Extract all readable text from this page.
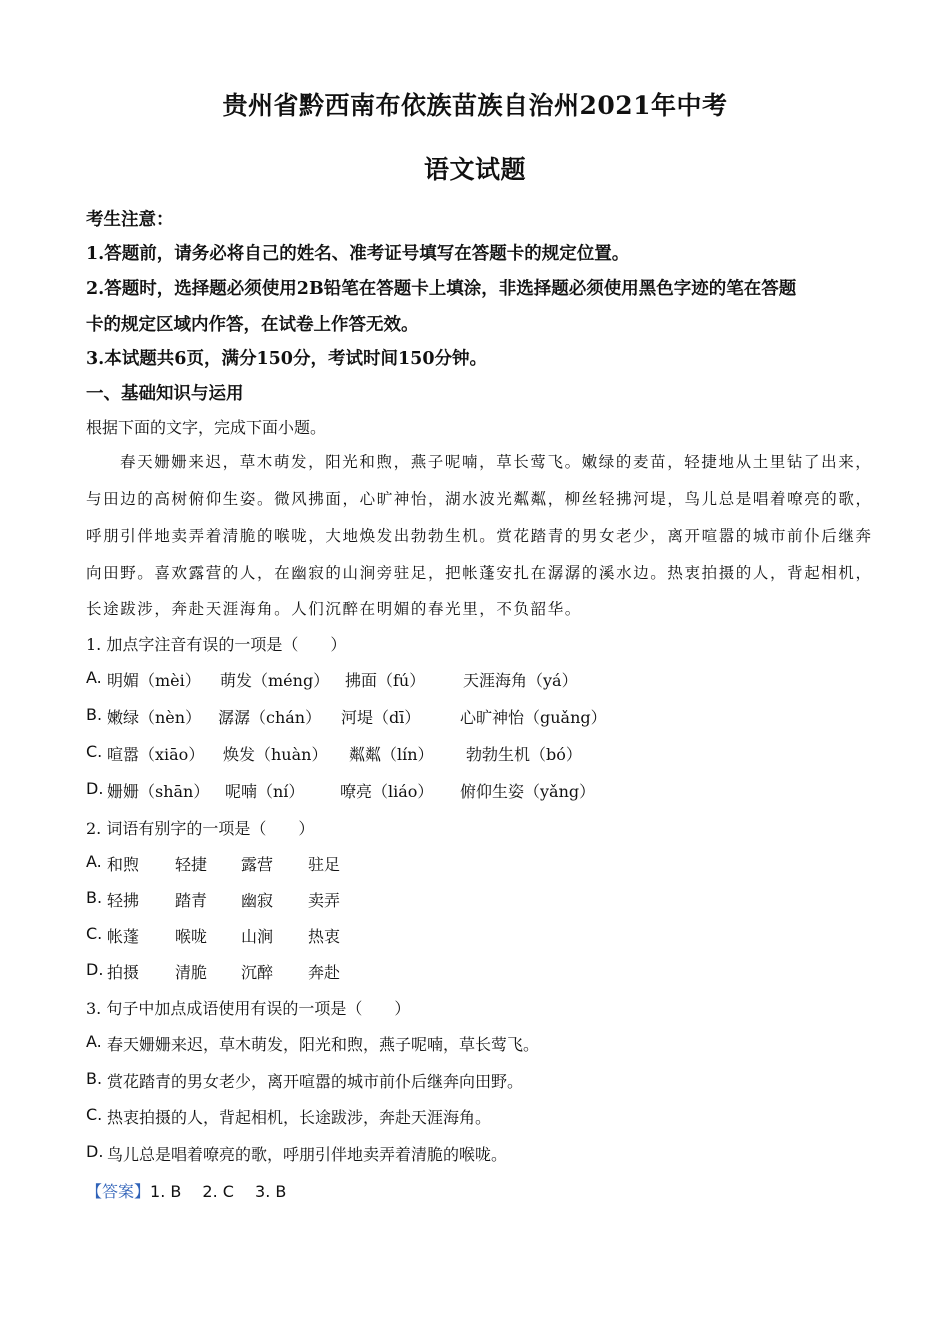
贵州省黔西南布依族苗族自治州2021年中考
语文试题
考生注意：
1.答题前，请务必将自己的姓名、准考证号填写在答题卡的规定位置。
2.答题时，选择题必须使用2B铅笔在答题卡上填涂，非选择题必须使用黑色字迹的笔在答题
卡的规定区域内作答，在试卷上作答无效。
3.本试题共6页，满分150分，考试时间150分钟。
一、基础知识与运用
根据下面的文字，完成下面小题。
春天姗姗来迟，草木萌发，阳光和煦，燕子呢喃，草长莺飞。嫩绿的麦苗，轻捷地从土里钻了出来，
与田边的高树俯仰生姿。微风拂面，心旷神怡，湖水波光粼粼，柳丝轻拂河堤，鸟儿总是唱着嘹亮的歌，
呼朋引伴地卖弄着清脆的喉咙，大地焕发出勃勃生机。赏花踏青的男女老少，离开喧嚣的城市前仆后继奔
向田野。喜欢露营的人，在幽寂的山涧旁驻足，把帐蓬安扎在潺潺的溪水边。热衷拍摄的人，背起相机，
长途跋涉，奔赴天涯海角。人们沉醉在明媚的春光里，不负韶华。
1. 加点字注音有误的一项是（　　）
A. 明媚（mèi） 萌发（méng） 拂面（fú） 天涯海角（yá）
B. 嫩绿（nèn） 潺潺（chán） 河堤（dī） 心旷神怡（guǎng）
C. 喧嚣（xiāo） 焕发（huàn） 粼粼（lín） 勃勃生机（bó）
D. 姗姗（shān） 呢喃（ní） 嘹亮（liáo） 俯仰生姿（yǎng）
2. 词语有别字的一项是（　　）
A. 和煦 轻捷 露营 驻足
B. 轻拂 踏青 幽寂 卖弄
C. 帐蓬 喉咙 山涧 热衷
D. 拍摄 清脆 沉醉 奔赴
3. 句子中加点成语使用有误的一项是（　　）
A. 春天姗姗来迟，草木萌发，阳光和煦，燕子呢喃，草长莺飞。
B. 赏花踏青的男女老少，离开喧嚣的城市前仆后继奔向田野。
C. 热衷拍摄的人，背起相机，长途跋涉，奔赴天涯海角。
D. 鸟儿总是唱着嘹亮的歌，呼朋引伴地卖弄着清脆的喉咙。
【答案】1. B　 2. C　 3. B
